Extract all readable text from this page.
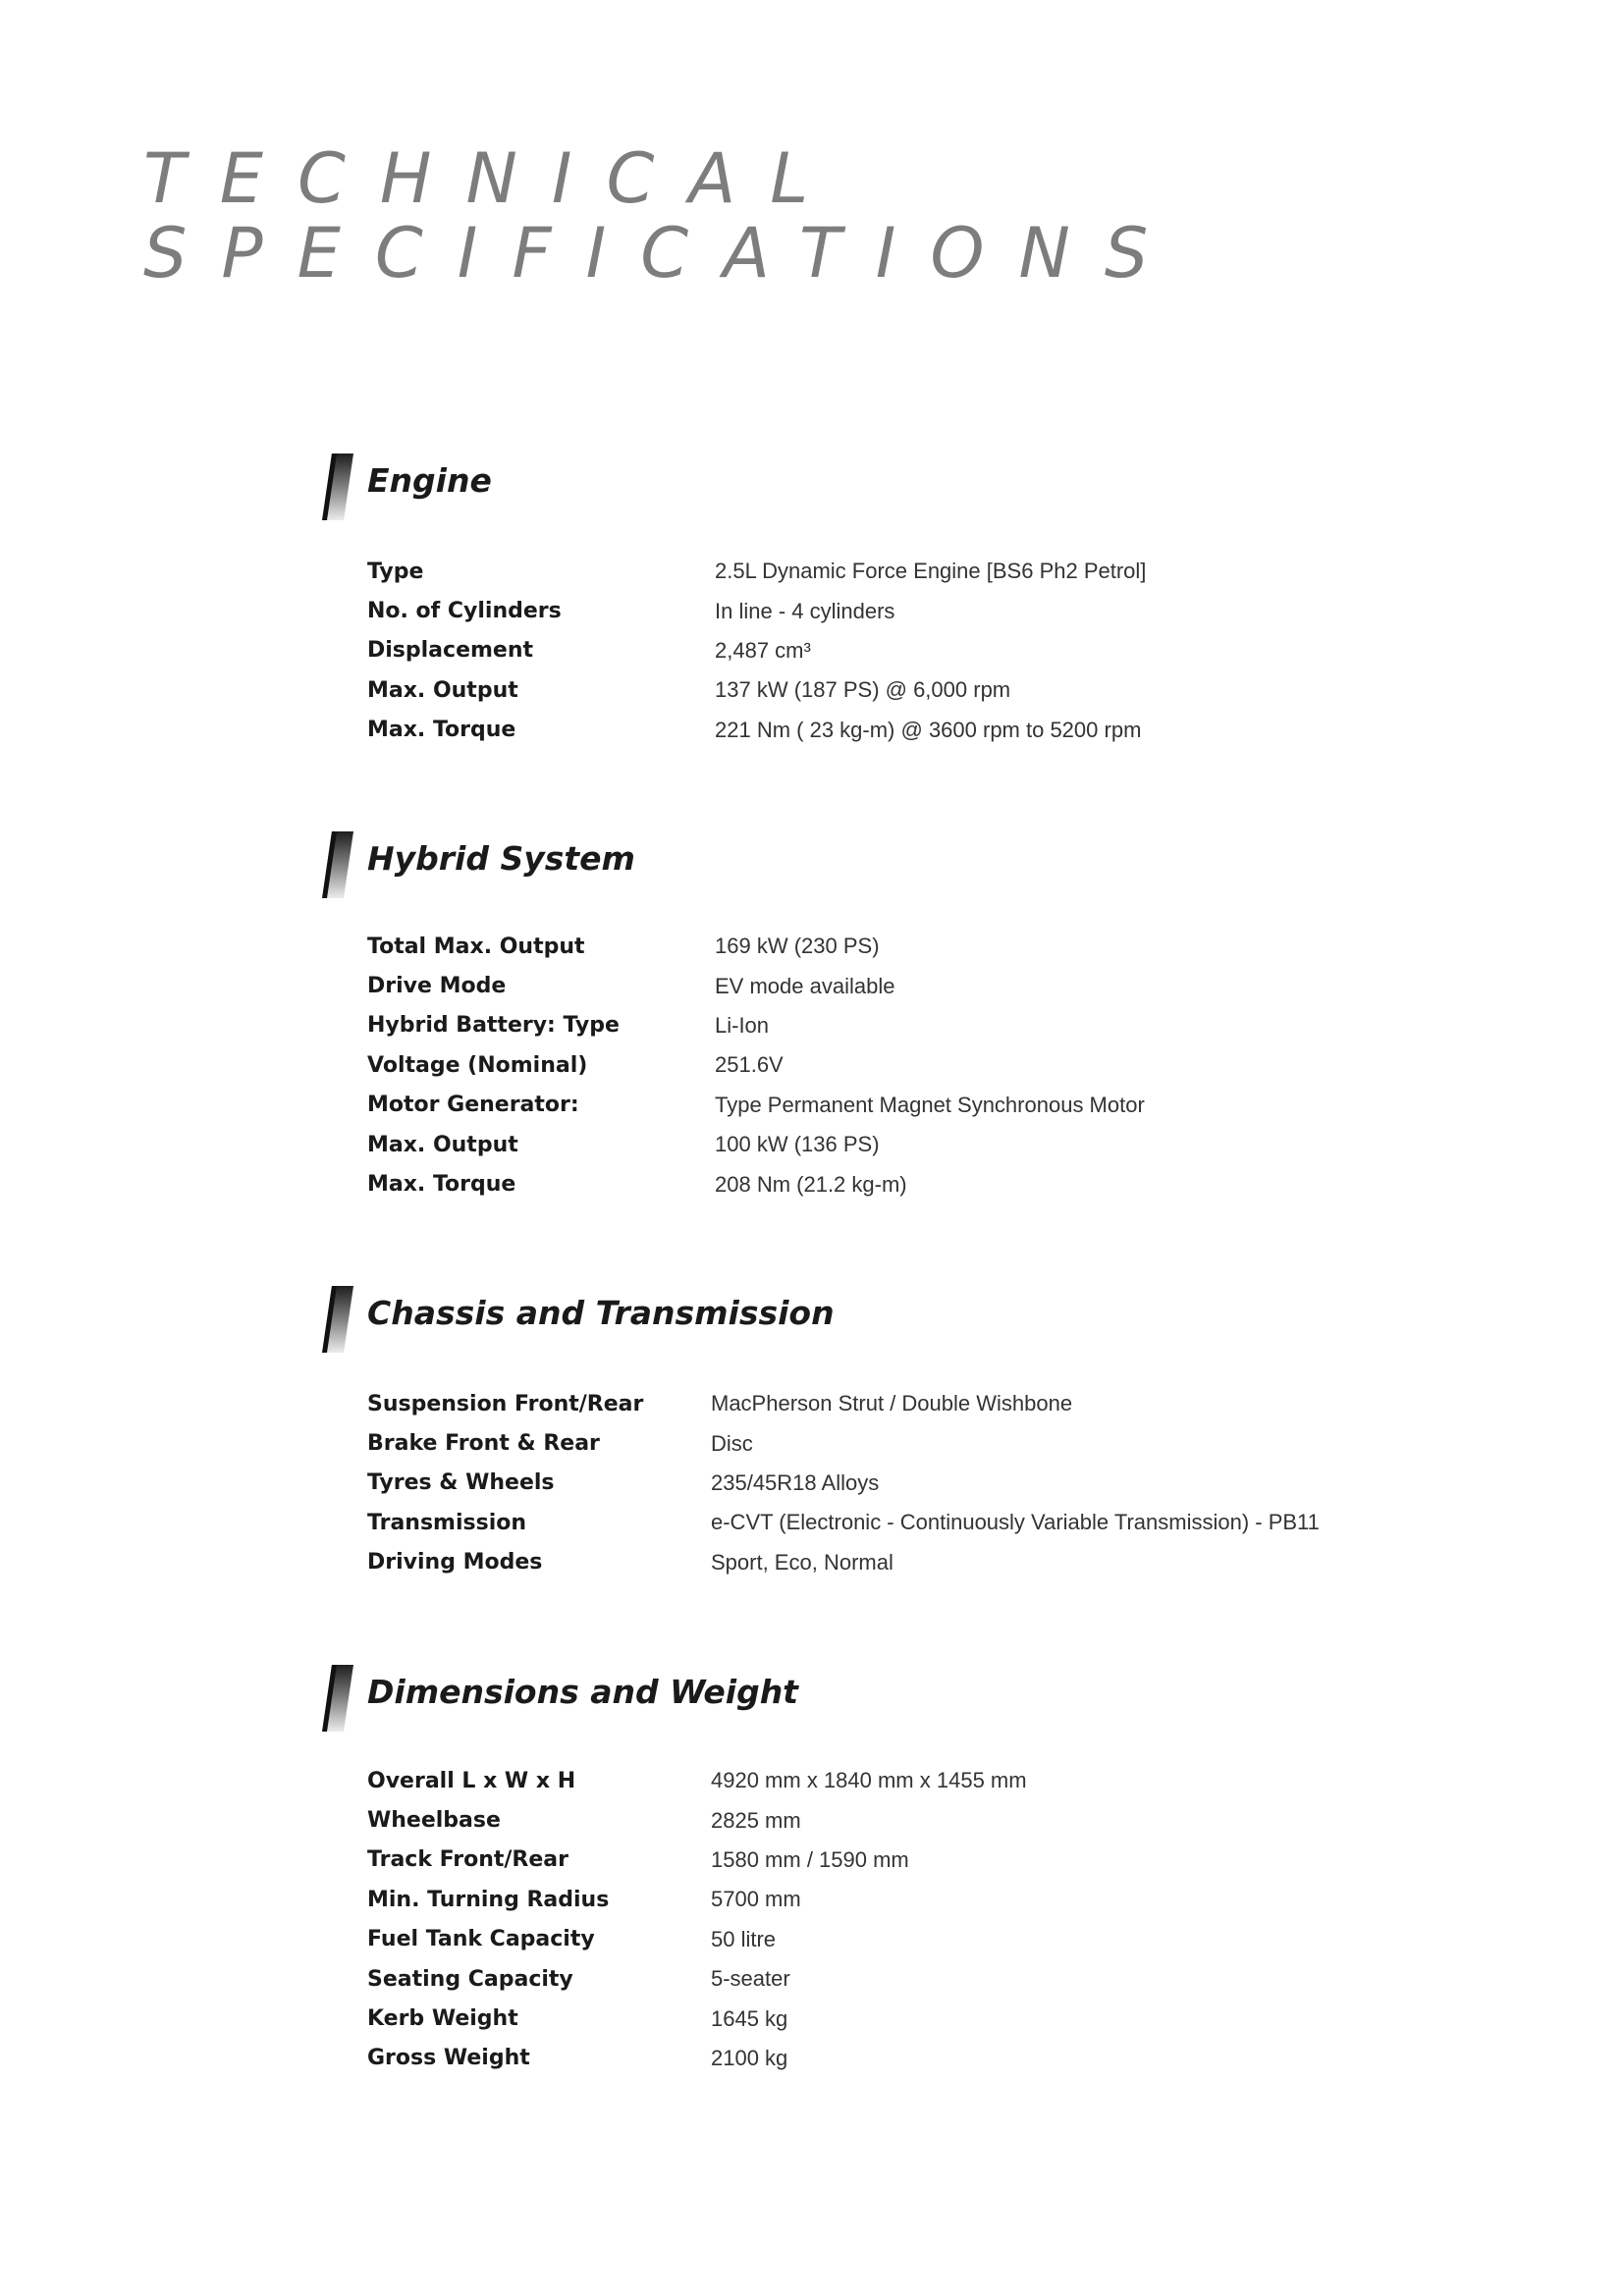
TECHNICAL
SPECIFICATIONS
Engine
Type	2.5L Dynamic Force Engine [BS6 Ph2 Petrol]
No. of Cylinders	In line - 4 cylinders
Displacement	2,487 cm³
Max. Output	137 kW (187 PS) @ 6,000 rpm
Max. Torque	221 Nm ( 23 kg-m) @ 3600 rpm to 5200 rpm
Hybrid System
Total Max. Output	169 kW (230 PS)
Drive Mode	EV mode available
Hybrid Battery: Type	Li-Ion
Voltage (Nominal)	251.6V
Motor Generator:	Type Permanent Magnet Synchronous Motor
Max. Output	100 kW (136 PS)
Max. Torque	208 Nm (21.2 kg-m)
Chassis and Transmission
Suspension Front/Rear	MacPherson Strut / Double Wishbone
Brake Front & Rear	Disc
Tyres & Wheels	235/45R18 Alloys
Transmission	e-CVT (Electronic - Continuously Variable Transmission) - PB11
Driving Modes	Sport, Eco, Normal
Dimensions and Weight
Overall L x W x H	4920 mm x 1840 mm x 1455 mm
Wheelbase	2825 mm
Track Front/Rear	1580 mm / 1590 mm
Min. Turning Radius	5700 mm
Fuel Tank Capacity	50 litre
Seating Capacity	5-seater
Kerb Weight	1645 kg
Gross Weight	2100 kg
